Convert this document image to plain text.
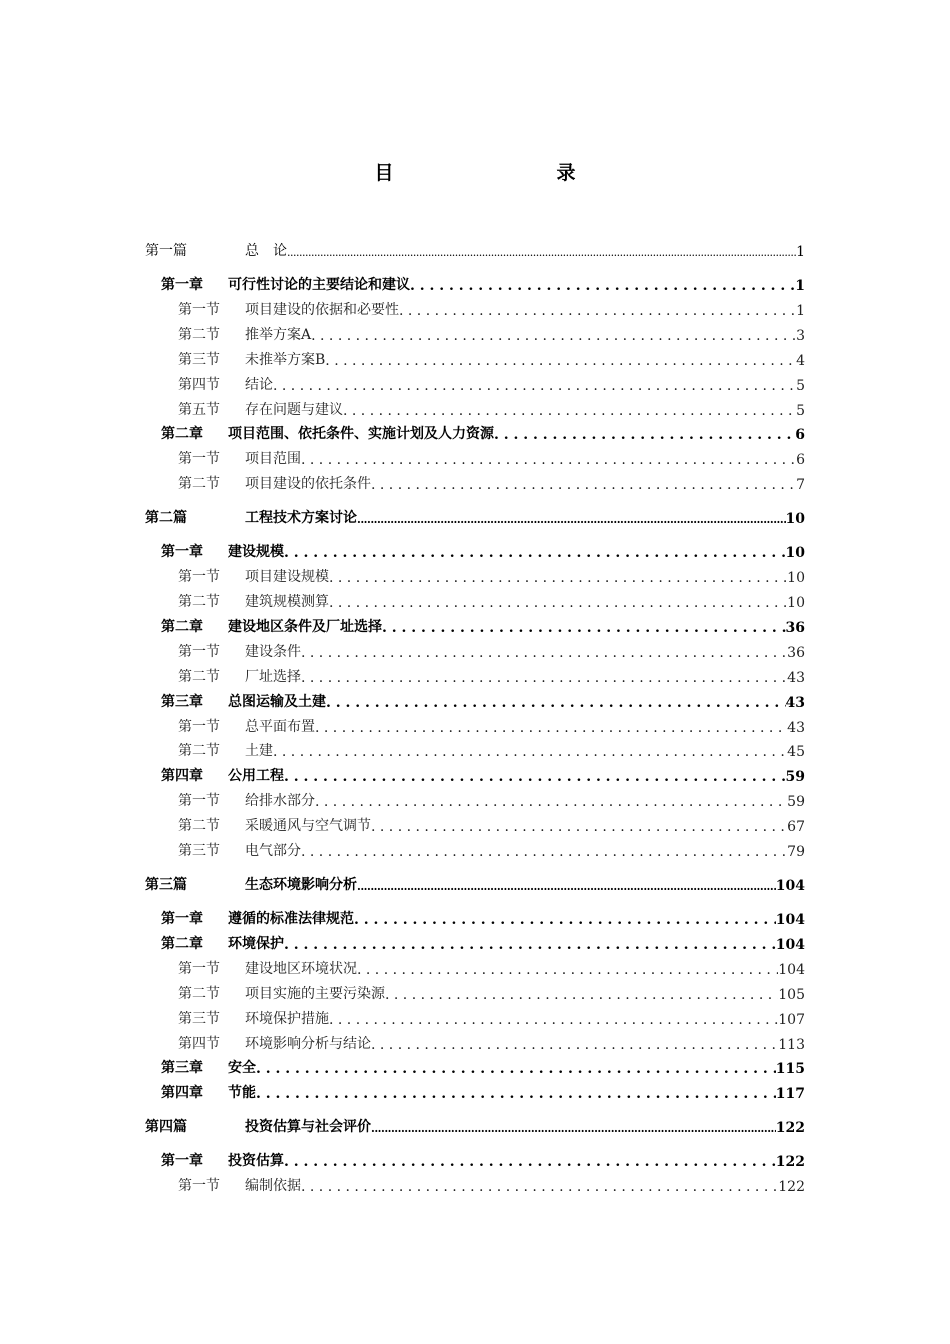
目　录
第一篇	总　论 .....	1
第一章	可行性讨论的主要结论和建议 . . .	1
第一节	项目建设的依据和必要性 . . .	1
第二节	推举方案A . . .	3
第三节	未推举方案B . . .	4
第四节	结论 . . .	5
第五节	存在问题与建议 . . .	5
第二章	项目范围、依托条件、实施计划及人力资源 . . .	6
第一节	项目范围 . . .	6
第二节	项目建设的依托条件 . . .	7
第二篇	工程技术方案讨论 .....	10
第一章	建设规模 . . .	10
第一节	项目建设规模 . . .	10
第二节	建筑规模测算 . . .	10
第二章	建设地区条件及厂址选择 . . .	36
第一节	建设条件 . . .	36
第二节	厂址选择 . . .	43
第三章	总图运输及土建 . . .	43
第一节	总平面布置 . . .	43
第二节	土建 . . .	45
第四章	公用工程 . . .	59
第一节	给排水部分 . . .	59
第二节	采暖通风与空气调节 . . .	67
第三节	电气部分 . . .	79
第三篇	生态环境影响分析 .....	104
第一章	遵循的标准法律规范 . . .	104
第二章	环境保护 . . .	104
第一节	建设地区环境状况 . . .	104
第二节	项目实施的主要污染源 . . .	105
第三节	环境保护措施 . . .	107
第四节	环境影响分析与结论 . . .	113
第三章	安全 . . .	115
第四章	节能 . . .	117
第四篇	投资估算与社会评价 .....	122
第一章	投资估算 . . .	122
第一节	编制依据 . . .	122
